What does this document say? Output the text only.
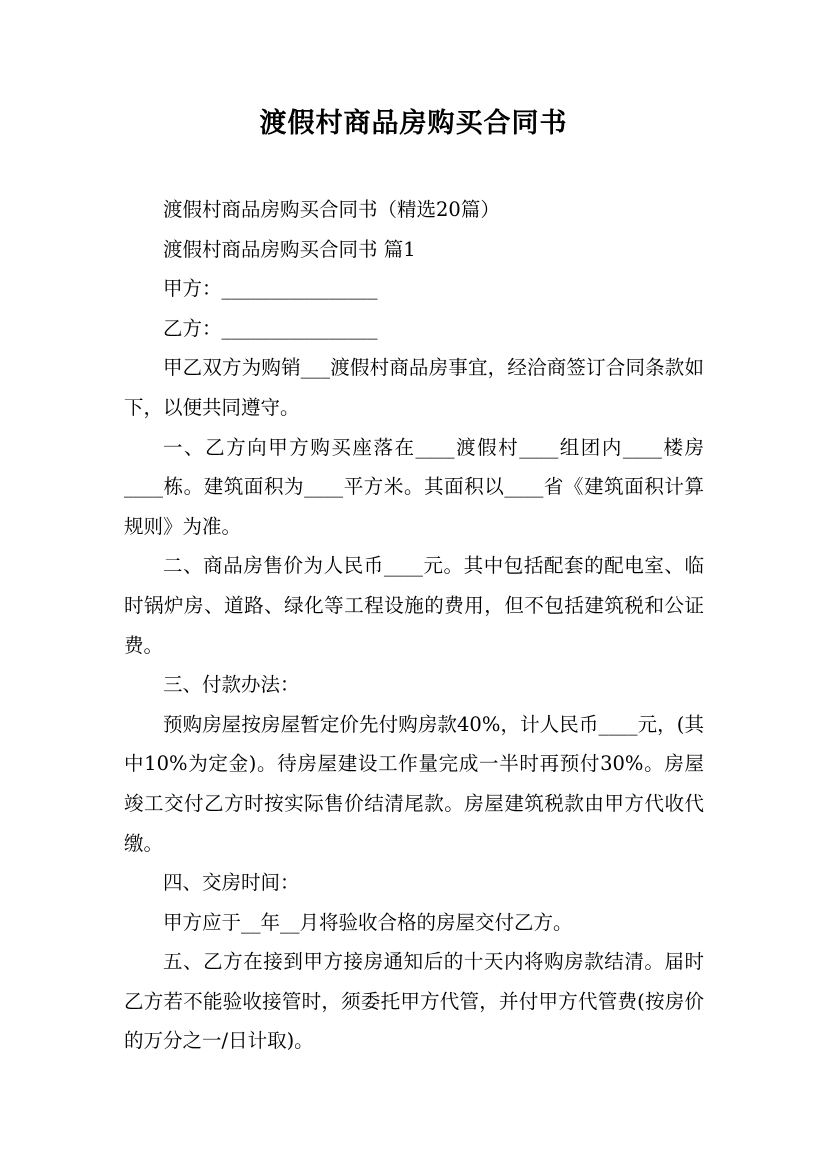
渡假村商品房购买合同书

渡假村商品房购买合同书（精选20篇）

渡假村商品房购买合同书 篇1

甲方：________________

乙方：________________

甲乙双方为购销___渡假村商品房事宜，经洽商签订合同条款如下，以便共同遵守。

一、乙方向甲方购买座落在____渡假村____组团内____楼房____栋。建筑面积为____平方米。其面积以____省《建筑面积计算规则》为准。

二、商品房售价为人民币____元。其中包括配套的配电室、临时锅炉房、道路、绿化等工程设施的费用，但不包括建筑税和公证费。

三、付款办法：

预购房屋按房屋暂定价先付购房款40%，计人民币____元，(其中10%为定金)。待房屋建设工作量完成一半时再预付30%。房屋竣工交付乙方时按实际售价结清尾款。房屋建筑税款由甲方代收代缴。

四、交房时间：

甲方应于__年__月将验收合格的房屋交付乙方。

五、乙方在接到甲方接房通知后的十天内将购房款结清。届时乙方若不能验收接管时，须委托甲方代管，并付甲方代管费(按房价的万分之一/日计取)。
